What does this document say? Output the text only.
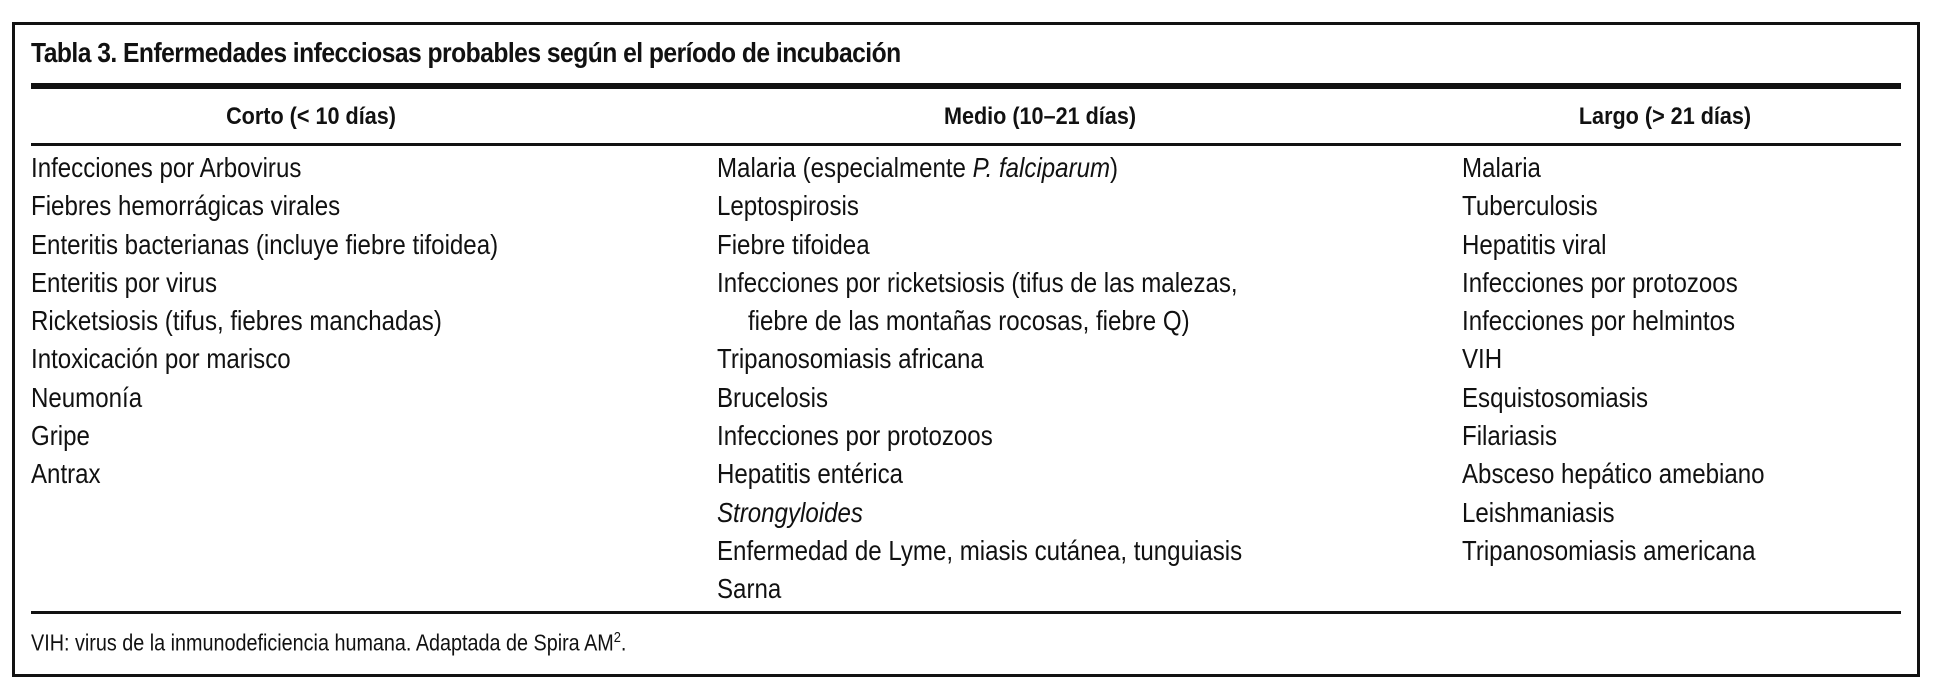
Tabla 3. Enfermedades infecciosas probables según el período de incubación
Corto (< 10 días)	Medio (10–21 días)	Largo (> 21 días)
Infecciones por Arbovirus
Fiebres hemorrágicas virales
Enteritis bacterianas (incluye fiebre tifoidea)
Enteritis por virus
Ricketsiosis (tifus, fiebres manchadas)
Intoxicación por marisco
Neumonía
Gripe
Antrax
Malaria (especialmente P. falciparum)
Leptospirosis
Fiebre tifoidea
Infecciones por ricketsiosis (tifus de las malezas,
fiebre de las montañas rocosas, fiebre Q)
Tripanosomiasis africana
Brucelosis
Infecciones por protozoos
Hepatitis entérica
Strongyloides
Enfermedad de Lyme, miasis cutánea, tunguiasis
Sarna
Malaria
Tuberculosis
Hepatitis viral
Infecciones por protozoos
Infecciones por helmintos
VIH
Esquistosomiasis
Filariasis
Absceso hepático amebiano
Leishmaniasis
Tripanosomiasis americana
VIH: virus de la inmunodeficiencia humana. Adaptada de Spira $AM^2$.
